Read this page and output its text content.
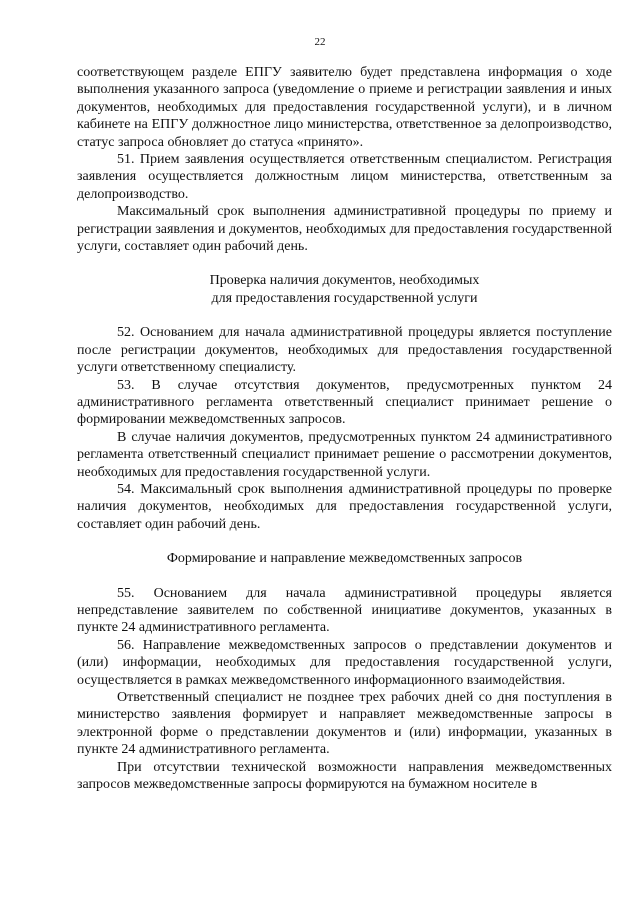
22

соответствующем разделе ЕПГУ заявителю будет представлена информация о ходе выполнения указанного запроса (уведомление о приеме и регистрации заявления и иных документов, необходимых для предоставления государственной услуги), и в личном кабинете на ЕПГУ должностное лицо министерства, ответственное за делопроизводство, статус запроса обновляет до статуса «принято».

51. Прием заявления осуществляется ответственным специалистом. Регистрация заявления осуществляется должностным лицом министерства, ответственным за делопроизводство.

Максимальный срок выполнения административной процедуры по приему и регистрации заявления и документов, необходимых для предоставления государственной услуги, составляет один рабочий день.

Проверка наличия документов, необходимых
для предоставления государственной услуги

52. Основанием для начала административной процедуры является поступление после регистрации документов, необходимых для предоставления государственной услуги ответственному специалисту.

53. В случае отсутствия документов, предусмотренных пунктом 24 административного регламента ответственный специалист принимает решение о формировании межведомственных запросов.

В случае наличия документов, предусмотренных пунктом 24 административного регламента ответственный специалист принимает решение о рассмотрении документов, необходимых для предоставления государственной услуги.

54. Максимальный срок выполнения административной процедуры по проверке наличия документов, необходимых для предоставления государственной услуги, составляет один рабочий день.

Формирование и направление межведомственных запросов

55. Основанием для начала административной процедуры является непредставление заявителем по собственной инициативе документов, указанных в пункте 24 административного регламента.

56. Направление межведомственных запросов о представлении документов и (или) информации, необходимых для предоставления государственной услуги, осуществляется в рамках межведомственного информационного взаимодействия.

Ответственный специалист не позднее трех рабочих дней со дня поступления в министерство заявления формирует и направляет межведомственные запросы в электронной форме о представлении документов и (или) информации, указанных в пункте 24 административного регламента.

При отсутствии технической возможности направления межведомственных запросов межведомственные запросы формируются на бумажном носителе в
